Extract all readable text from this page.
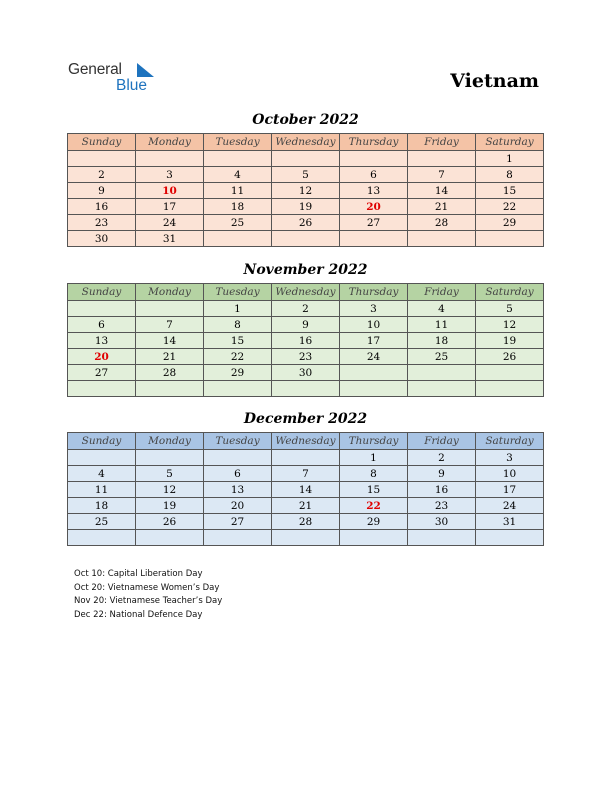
General
Blue	Vietnam
October 2022
Sunday	Monday	Tuesday	Wednesday	Thursday	Friday	Saturday
						1
2	3	4	5	6	7	8
9	10	11	12	13	14	15
16	17	18	19	20	21	22
23	24	25	26	27	28	29
30	31					
November 2022
Sunday	Monday	Tuesday	Wednesday	Thursday	Friday	Saturday
		1	2	3	4	5
6	7	8	9	10	11	12
13	14	15	16	17	18	19
20	21	22	23	24	25	26
27	28	29	30			

December 2022
Sunday	Monday	Tuesday	Wednesday	Thursday	Friday	Saturday
				1	2	3
4	5	6	7	8	9	10
11	12	13	14	15	16	17
18	19	20	21	22	23	24
25	26	27	28	29	30	31

Oct 10: Capital Liberation Day
Oct 20: Vietnamese Women’s Day
Nov 20: Vietnamese Teacher’s Day
Dec 22: National Defence Day
